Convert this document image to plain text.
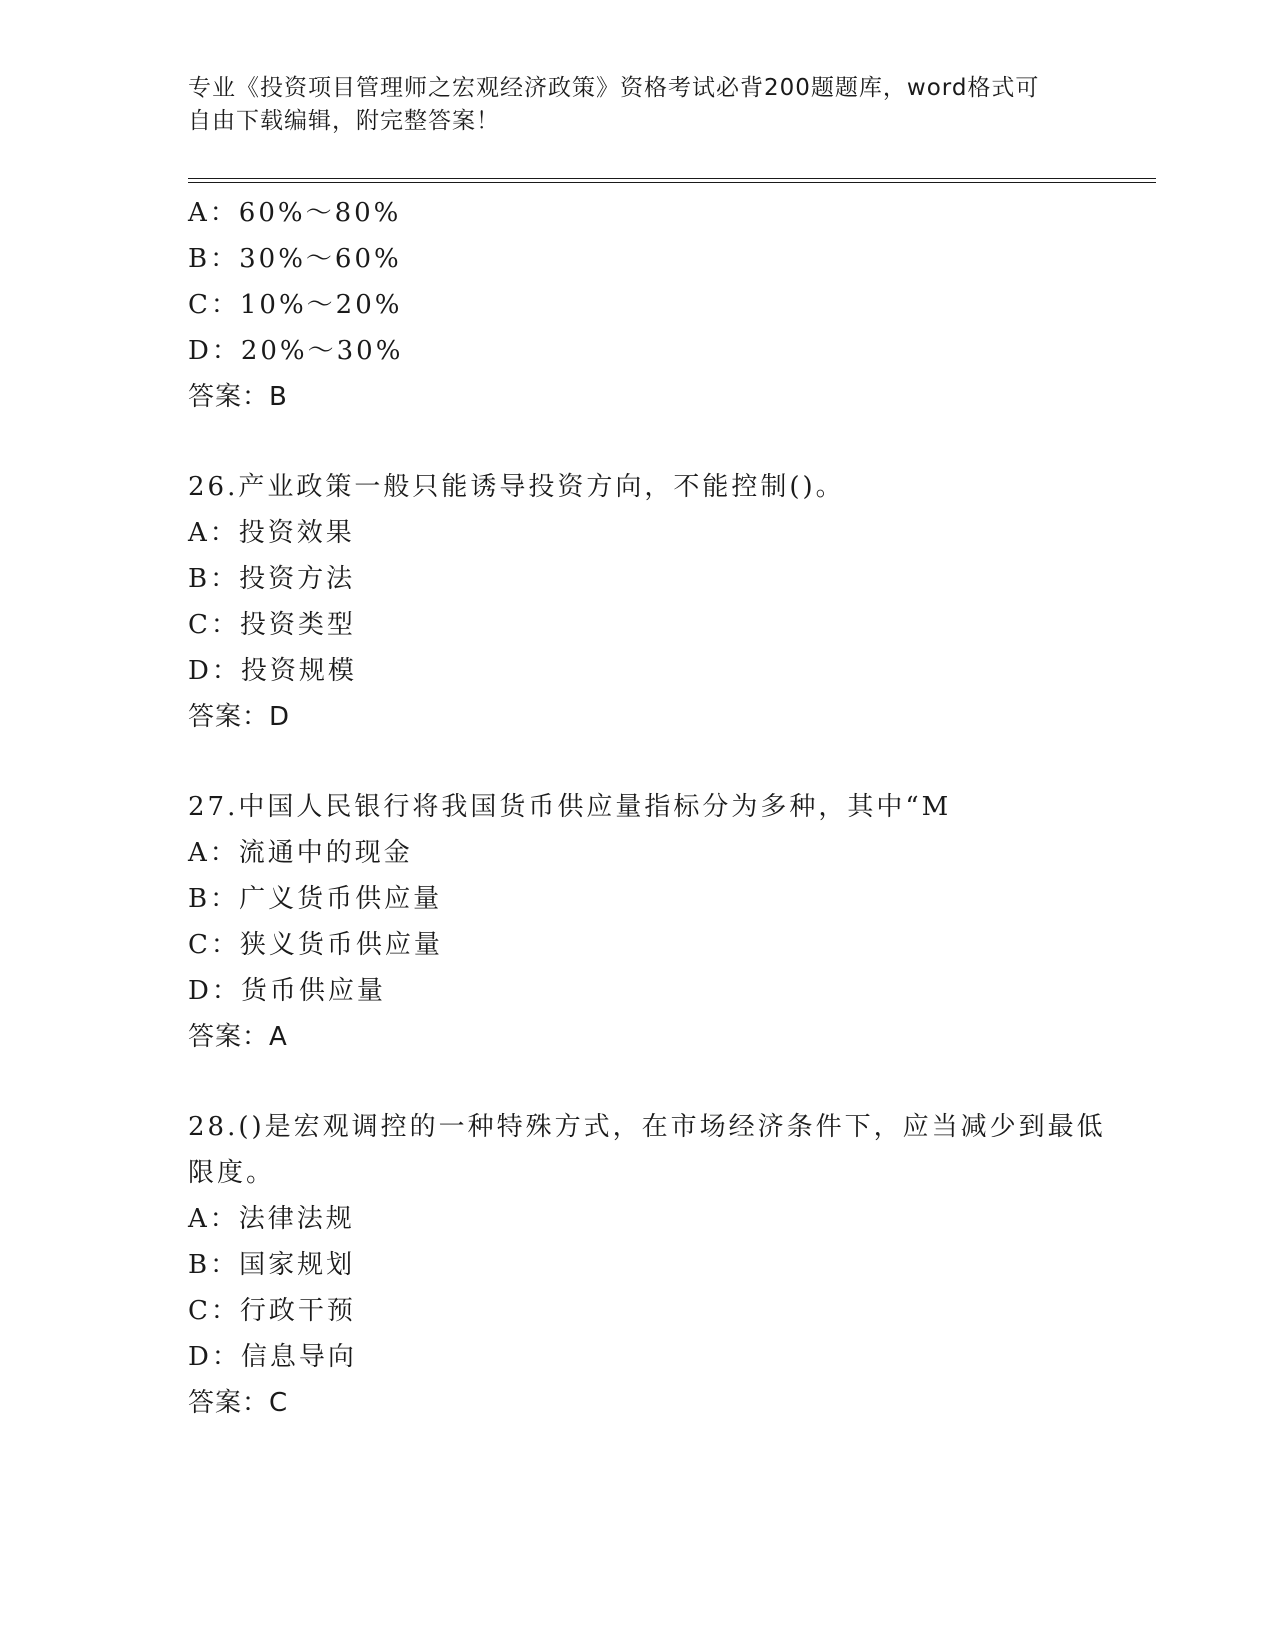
专业《投资项目管理师之宏观经济政策》资格考试必背200题题库，word格式可
自由下载编辑，附完整答案！
A：60%～80%
B：30%～60%
C：10%～20%
D：20%～30%
答案：B
26.产业政策一般只能诱导投资方向，不能控制()。
A：投资效果
B：投资方法
C：投资类型
D：投资规模
答案：D
27.中国人民银行将我国货币供应量指标分为多种，其中“M
A：流通中的现金
B：广义货币供应量
C：狭义货币供应量
D：货币供应量
答案：A
28.()是宏观调控的一种特殊方式，在市场经济条件下，应当减少到最低限度。
A：法律法规
B：国家规划
C：行政干预
D：信息导向
答案：C
